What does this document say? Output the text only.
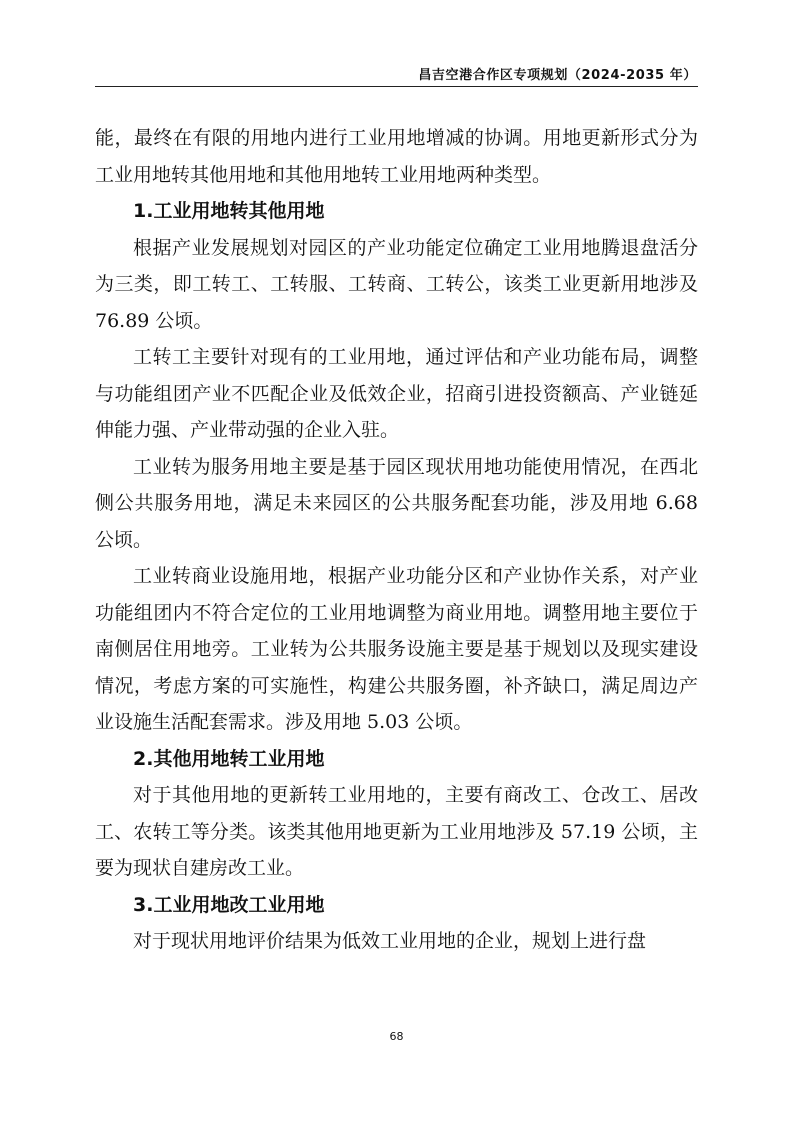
昌吉空港合作区专项规划（2024-2035 年）

能，最终在有限的用地内进行工业用地增减的协调。用地更新形式分为工业用地转其他用地和其他用地转工业用地两种类型。

1.工业用地转其他用地

根据产业发展规划对园区的产业功能定位确定工业用地腾退盘活分为三类，即工转工、工转服、工转商、工转公，该类工业更新用地涉及 76.89 公顷。

工转工主要针对现有的工业用地，通过评估和产业功能布局，调整与功能组团产业不匹配企业及低效企业，招商引进投资额高、产业链延伸能力强、产业带动强的企业入驻。

工业转为服务用地主要是基于园区现状用地功能使用情况，在西北侧公共服务用地，满足未来园区的公共服务配套功能，涉及用地 6.68 公顷。

工业转商业设施用地，根据产业功能分区和产业协作关系，对产业功能组团内不符合定位的工业用地调整为商业用地。调整用地主要位于南侧居住用地旁。工业转为公共服务设施主要是基于规划以及现实建设情况，考虑方案的可实施性，构建公共服务圈，补齐缺口，满足周边产业设施生活配套需求。涉及用地 5.03 公顷。

2.其他用地转工业用地

对于其他用地的更新转工业用地的，主要有商改工、仓改工、居改工、农转工等分类。该类其他用地更新为工业用地涉及 57.19 公顷，主要为现状自建房改工业。

3.工业用地改工业用地

对于现状用地评价结果为低效工业用地的企业，规划上进行盘

68
